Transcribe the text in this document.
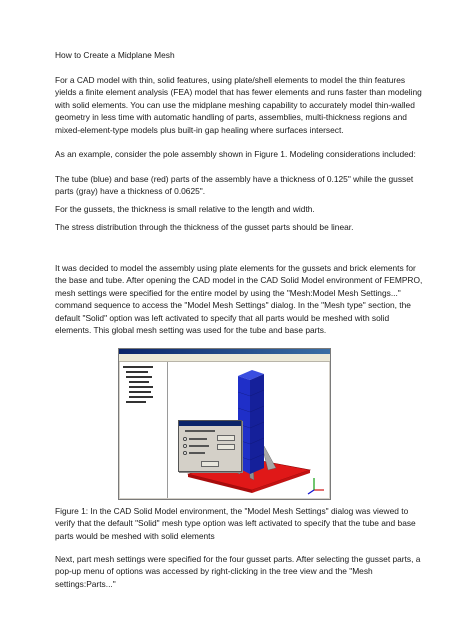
How to Create a Midplane Mesh

For a CAD model with thin, solid features, using plate/shell elements to model the thin features yields a finite element analysis (FEA) model that has fewer elements and runs faster than modeling with solid elements. You can use the midplane meshing capability to accurately model thin-walled geometry in less time with automatic handling of parts, assemblies, multi-thickness regions and mixed-element-type models plus built-in gap healing where surfaces intersect.

As an example, consider the pole assembly shown in Figure 1. Modeling considerations included:

The tube (blue) and base (red) parts of the assembly have a thickness of 0.125" while the gusset parts (gray) have a thickness of 0.0625".

For the gussets, the thickness is small relative to the length and width.

The stress distribution through the thickness of the gusset parts should be linear.

It was decided to model the assembly using plate elements for the gussets and brick elements for the base and tube. After opening the CAD model in the CAD Solid Model environment of FEMPRO, mesh settings were specified for the entire model by using the "Mesh:Model Mesh Settings..." command sequence to access the "Model Mesh Settings" dialog. In the "Mesh type" section, the default "Solid" option was left activated to specify that all parts would be meshed with solid elements. This global mesh setting was used for the tube and base parts.

Figure 1: In the CAD Solid Model environment, the "Model Mesh Settings" dialog was viewed to verify that the default "Solid" mesh type option was left activated to specify that the tube and base parts would be meshed with solid elements

Next, part mesh settings were specified for the four gusset parts. After selecting the gusset parts, a pop-up menu of options was accessed by right-clicking in the tree view and the "Mesh settings:Parts..."
